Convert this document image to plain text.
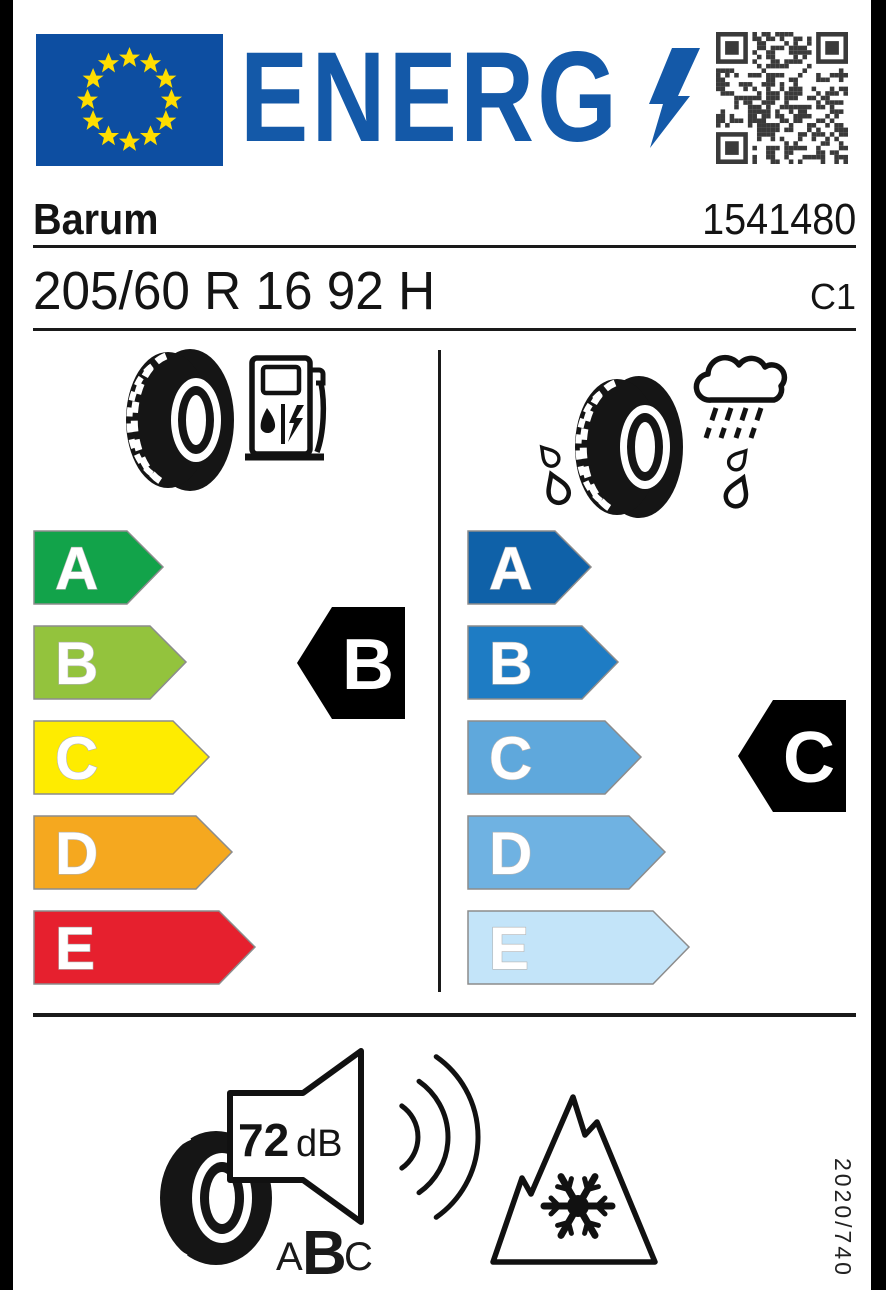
ENERG
Barum	1541480
205/60 R 16 92 H	C1
A
B
C
D
E
B
A
B
C
D
E
C
72 dB
A B
C	2020/740
